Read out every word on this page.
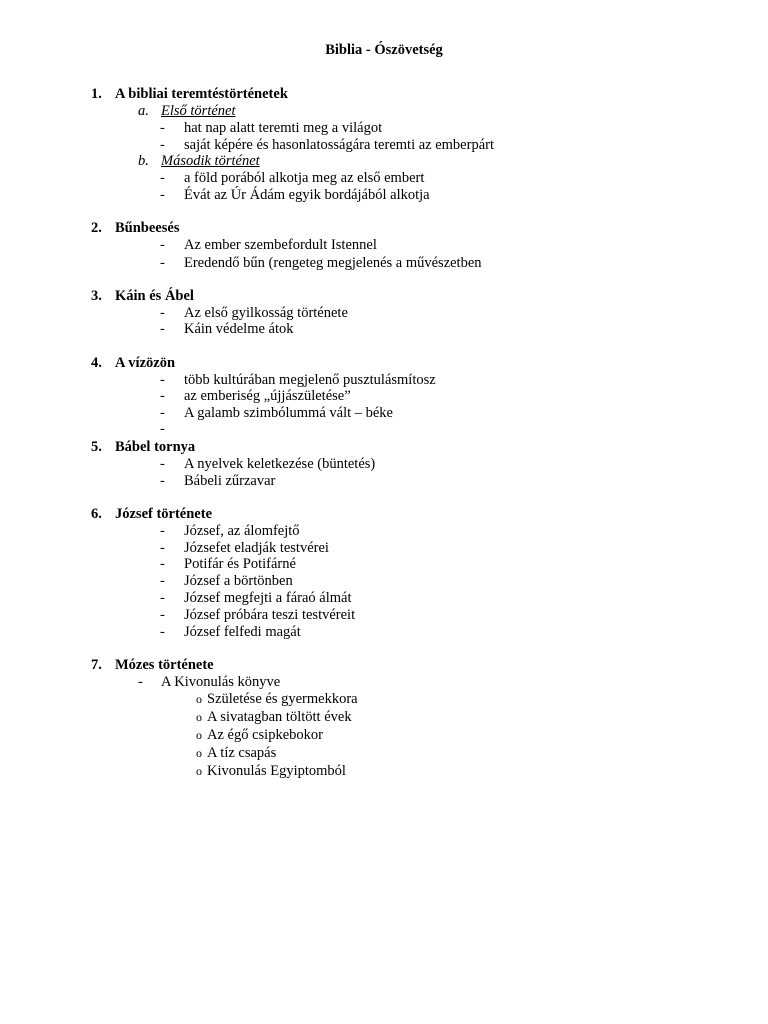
Biblia - Ószövetség
1. A bibliai teremtéstörténetek
a. Első történet
- hat nap alatt teremti meg a világot
- saját képére és hasonlatosságára teremti az emberpárt
b. Második történet
- a föld porából alkotja meg az első embert
- Évát az Úr Ádám egyik bordájából alkotja
2. Bűnbeesés
- Az ember szembefordult Istennel
- Eredendő bűn (rengeteg megjelenés a művészetben
3. Káin és Ábel
- Az első gyilkosság története
- Káin védelme átok
4. A vízözön
- több kultúrában megjelenő pusztulásmítosz
- az emberiség „újjászületése”
- A galamb szimbólummá vált – béke
-
5. Bábel tornya
- A nyelvek keletkezése (büntetés)
- Bábeli zűrzavar
6. József története
- József, az álomfejtő
- Józsefet eladják testvérei
- Potifár és Potifárné
- József a börtönben
- József megfejti a fáraó álmát
- József próbára teszi testvéreit
- József felfedi magát
7. Mózes története
- A Kivonulás könyve
o Születése és gyermekkora
o A sivatagban töltött évek
o Az égő csipkebokor
o A tíz csapás
o Kivonulás Egyiptomból
